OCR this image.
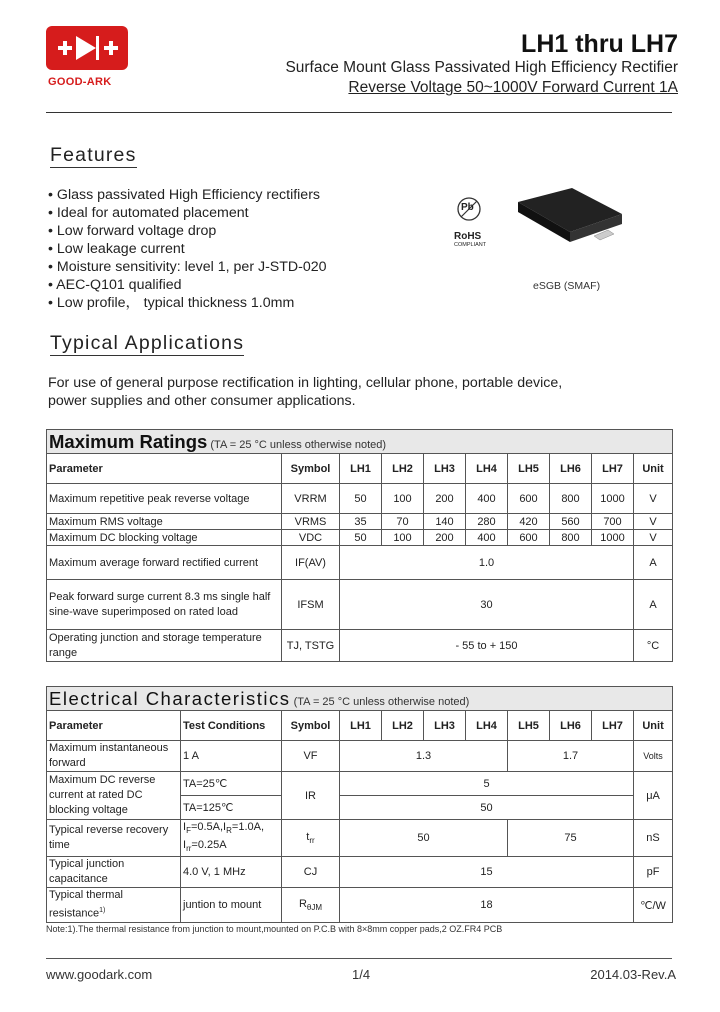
GOOD-ARK
LH1 thru LH7
Surface Mount Glass Passivated High Efficiency Rectifier
Reverse Voltage 50~1000V Forward Current 1A
Features
• Glass passivated High Efficiency rectifiers
• Ideal for automated placement
• Low forward voltage drop
• Low leakage current
• Moisture sensitivity: level 1, per J-STD-020
• AEC-Q101 qualified
• Low profile， typical thickness 1.0mm
Pb
RoHS
COMPLIANT
eSGB (SMAF)
Typical Applications
For use of general purpose rectification in lighting, cellular phone, portable device,
power supplies and other consumer applications.
Maximum Ratings (TA = 25 °C unless otherwise noted)									
Parameter	Symbol	LH1	LH2	LH3	LH4	LH5	LH6	LH7	Unit
Maximum repetitive peak reverse voltage	VRRM	50	100	200	400	600	800	1000	V
Maximum RMS voltage	VRMS	35	70	140	280	420	560	700	V
Maximum DC blocking voltage	VDC	50	100	200	400	600	800	1000	V
Maximum average forward rectified current	IF(AV)	1.0							A
Peak forward surge current 8.3 ms single half sine-wave superimposed on rated load	IFSM	30							A
Operating junction and storage temperature range	TJ, TSTG	- 55 to + 150							°C
Electrical Characteristics (TA = 25 °C unless otherwise noted)										
Parameter	Test Conditions	Symbol	LH1	LH2	LH3	LH4	LH5	LH6	LH7	Unit
Maximum instantaneous forward	1 A	VF	1.3				1.7			Volts
Maximum DC reverse current at rated DC blocking voltage	TA=25℃	IR	5							μA
	TA=125℃		50							
Typical reverse recovery time	$I_F=0.5A,I_R=1.0A$,
$I_{rr}=0.25A$	$t_{rr}$	50				75			nS
Typical junction capacitance	4.0 V, 1 MHz	CJ	15							pF
Typical thermal resistance$^{1)}$	juntion to mount	$R_{\theta JM}$	18							℃/W
Note:1).The thermal resistance from junction to mount,mounted on P.C.B with 8×8mm copper pads,2 OZ.FR4 PCB
www.goodark.com	1/4	2014.03-Rev.A
